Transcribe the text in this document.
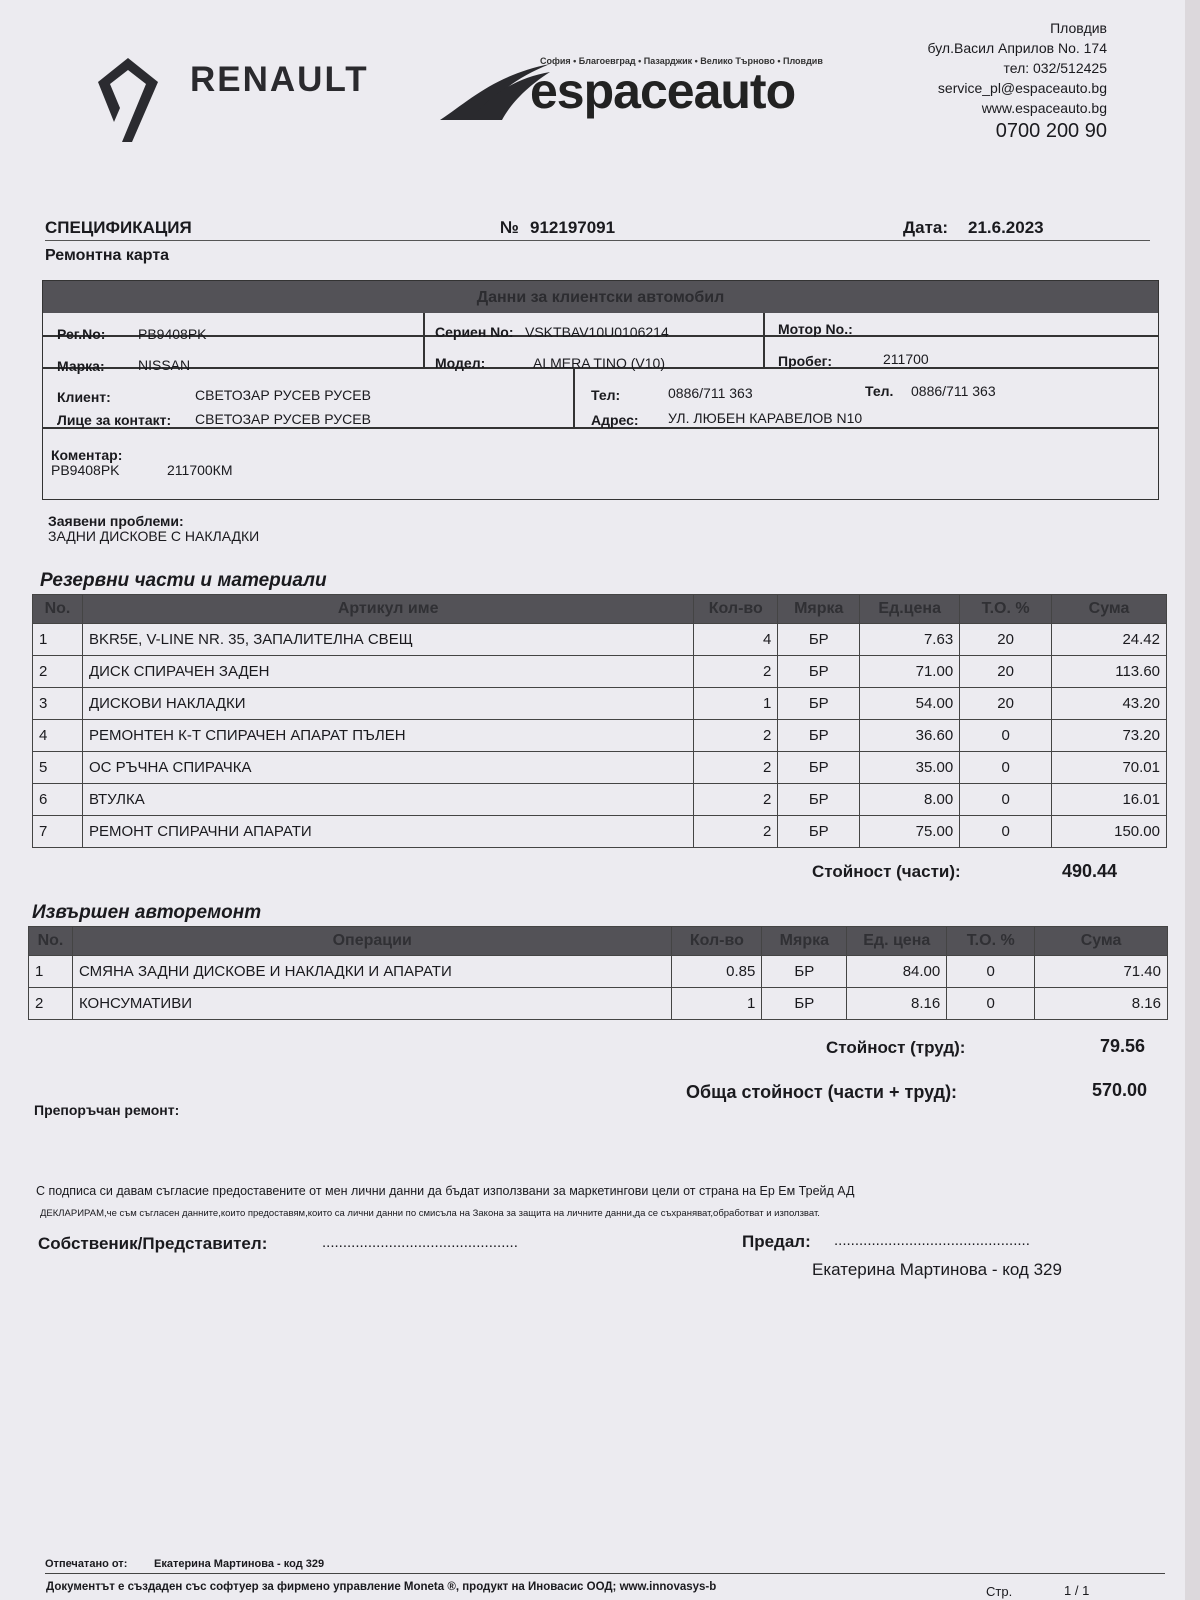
RENAULT	София • Благоевград • Пазарджик • Велико Търново • Пловдив
espaceauto
Пловдив
бул.Васил Априлов No. 174
тел: 032/512425
service_pl@espaceauto.bg
www.espaceauto.bg
0700 200 90
СПЕЦИФИКАЦИЯ	№ 912197091	Дата: 21.6.2023
Ремонтна карта
Данни за клиентски автомобил
Рег.No: PB9408PK	Сериен No: VSKTBAV10U0106214	Мотор No.:
Марка: NISSAN	Модел:	ALMERA TINO (V10)	Пробег:	211700
Клиент:	СВЕТОЗАР РУСЕВ РУСЕВ
Лице за контакт: СВЕТОЗАР РУСЕВ РУСЕВ
Тел:	0886/711 363	Тел. 0886/711 363
Адрес: УЛ. ЛЮБЕН КАРАВЕЛОВ N10
Коментар:
PB9408PK	211700КМ
Заявени проблеми:
ЗАДНИ ДИСКОВЕ С НАКЛАДКИ
Резервни части и материали
No.	Артикул име	Кол-во	Мярка	Ед.цена	Т.О. %	Сума
1	BKR5E, V-LINE NR. 35, ЗАПАЛИТЕЛНА СВЕЩ	4	БР	7.63	20	24.42
2	ДИСК СПИРАЧЕН ЗАДЕН	2	БР	71.00	20	113.60
3	ДИСКОВИ НАКЛАДКИ	1	БР	54.00	20	43.20
4	РЕМОНТЕН К-Т СПИРАЧЕН АПАРАТ ПЪЛЕН	2	БР	36.60	0	73.20
5	ОС РЪЧНА СПИРАЧКА	2	БР	35.00	0	70.01
6	ВТУЛКА	2	БР	8.00	0	16.01
7	РЕМОНТ СПИРАЧНИ АПАРАТИ	2	БР	75.00	0	150.00
Стойност (части):	490.44
Извършен авторемонт
No.	Операции	Кол-во	Мярка	Ед. цена	Т.О. %	Сума
1	СМЯНА ЗАДНИ ДИСКОВЕ И НАКЛАДКИ И АПАРАТИ	0.85	БР	84.00	0	71.40
2	КОНСУМАТИВИ	1	БР	8.16	0	8.16
Стойност (труд):	79.56
Обща стойност (части + труд):	570.00
Препоръчан ремонт:
С подписа си давам съгласие предоставените от мен лични данни да бъдат използвани за маркетингови цели от страна на Ер Ем Трейд АД
ДЕКЛАРИРАМ,че съм съгласен данните,които предоставям,които са лични данни по смисъла на Закона за защита на личните данни,да се съхраняват,обработват и използват.
Собственик/Представител:	...............................................	Предал: ...............................................
Екатерина Мартинова - код 329
Отпечатано от: Екатерина Мартинова - код 329
Документът е създаден със софтуер за фирмено управление Moneta ®, продукт на Иновасис ООД; www.innovasys-b	Стр.	1 / 1
